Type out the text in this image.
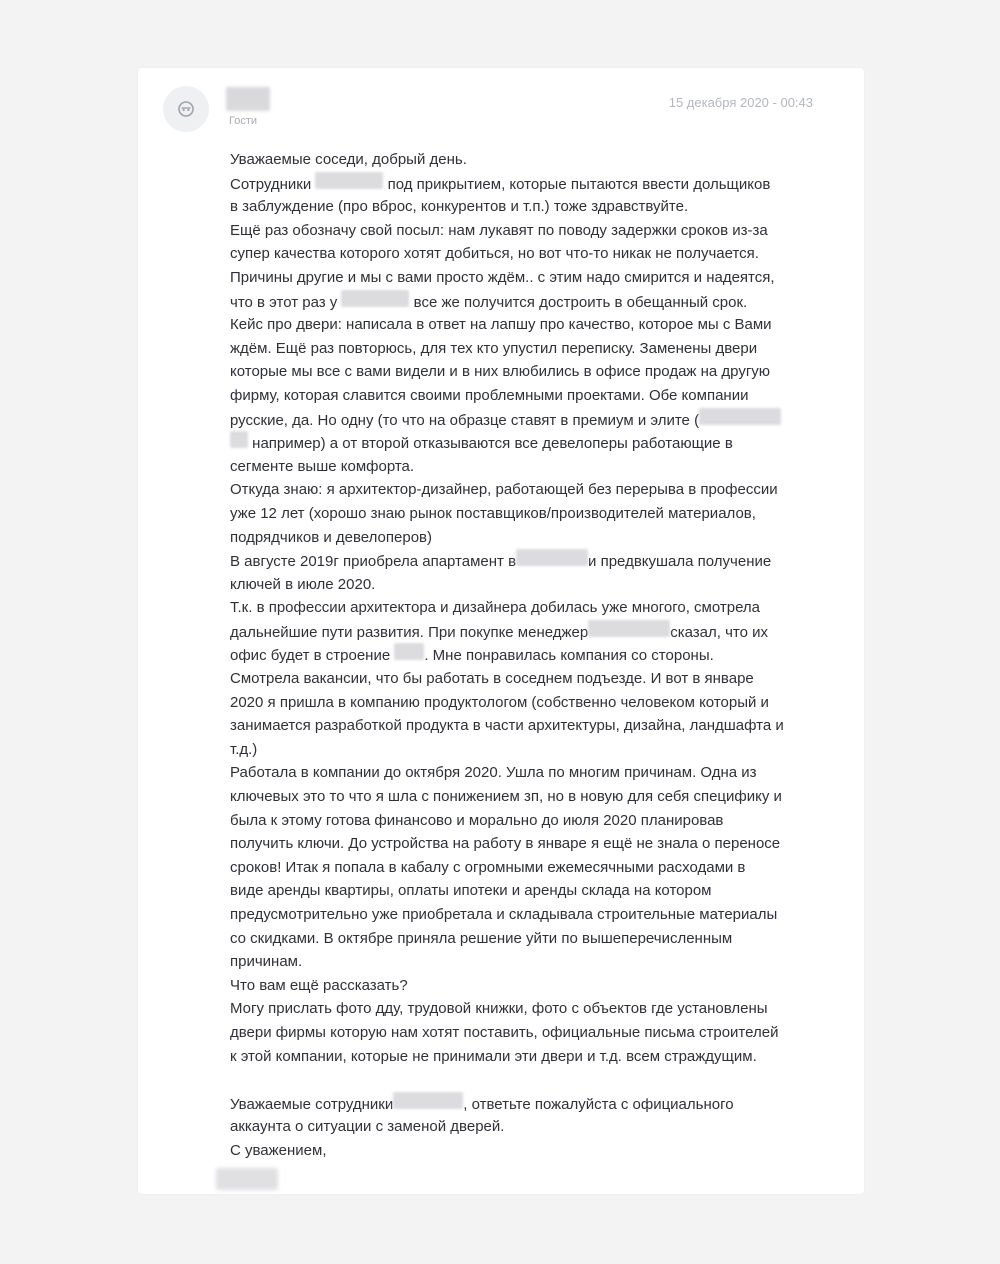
Гости
15 декабря 2020 - 00:43
Уважаемые соседи, добрый день.
Сотрудники	под прикрытием, которые пытаются ввести дольщиков
в заблуждение (про вброс, конкурентов и т.п.) тоже здравствуйте.
Ещё раз обозначу свой посыл: нам лукавят по поводу задержки сроков из-за
супер качества которого хотят добиться, но вот что-то никак не получается.
Причины другие и мы с вами просто ждём.. с этим надо смирится и надеятся,
что в этот раз у	все же получится достроить в обещанный срок.
Кейс про двери: написала в ответ на лапшу про качество, которое мы с Вами
ждём. Ещё раз повторюсь, для тех кто упустил переписку. Заменены двери
которые мы все с вами видели и в них влюбились в офисе продаж на другую
фирму, которая славится своими проблемными проектами. Обе компании
русские, да. Но одну (то что на образце ставят в премиум и элите (
например) а от второй отказываются все девелоперы работающие в
сегменте выше комфорта.
Откуда знаю: я архитектор-дизайнер, работающей без перерыва в профессии
уже 12 лет (хорошо знаю рынок поставщиков/производителей материалов,
подрядчиков и девелоперов)
В августе 2019г приобрела апартамент в	и предвкушала получение
ключей в июле 2020.
Т.к. в профессии архитектора и дизайнера добилась уже многого, смотрела
дальнейшие пути развития. При покупке менеджер	сказал, что их
офис будет в строение . Мне понравилась компания со стороны.
Смотрела вакансии, что бы работать в соседнем подъезде. И вот в январе
2020 я пришла в компанию продуктологом (собственно человеком который и
занимается разработкой продукта в части архитектуры, дизайна, ландшафта и
т.д.)
Работала в компании до октября 2020. Ушла по многим причинам. Одна из
ключевых это то что я шла с понижением зп, но в новую для себя специфику и
была к этому готова финансово и морально до июля 2020 планировав
получить ключи. До устройства на работу в январе я ещё не знала о переносе
сроков! Итак я попала в кабалу с огромными ежемесячными расходами в
виде аренды квартиры, оплаты ипотеки и аренды склада на котором
предусмотрительно уже приобретала и складывала строительные материалы
со скидками. В октябре приняла решение уйти по вышеперечисленным
причинам.
Что вам ещё рассказать?
Могу прислать фото дду, трудовой книжки, фото с объектов где установлены
двери фирмы которую нам хотят поставить, официальные письма строителей
к этой компании, которые не принимали эти двери и т.д. всем страждущим.
Уважаемые сотрудники	, ответьте пожалуйста с официального
аккаунта о ситуации с заменой дверей.
С уважением,
